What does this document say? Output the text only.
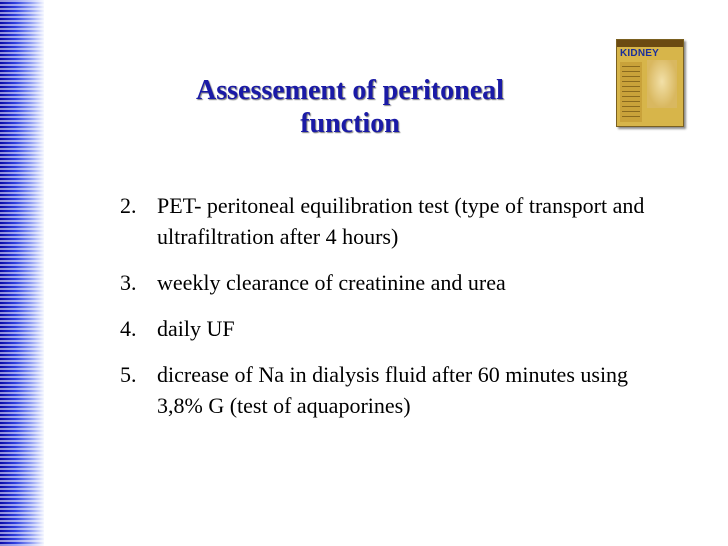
Assessement of peritoneal
function
KIDNEY
2. PET- peritoneal equilibration test (type of transport and ultrafiltration after 4 hours)
3. weekly clearance of creatinine and urea
4. daily UF
5. dicrease of Na in dialysis fluid after 60 minutes using 3,8% G (test of aquaporines)
